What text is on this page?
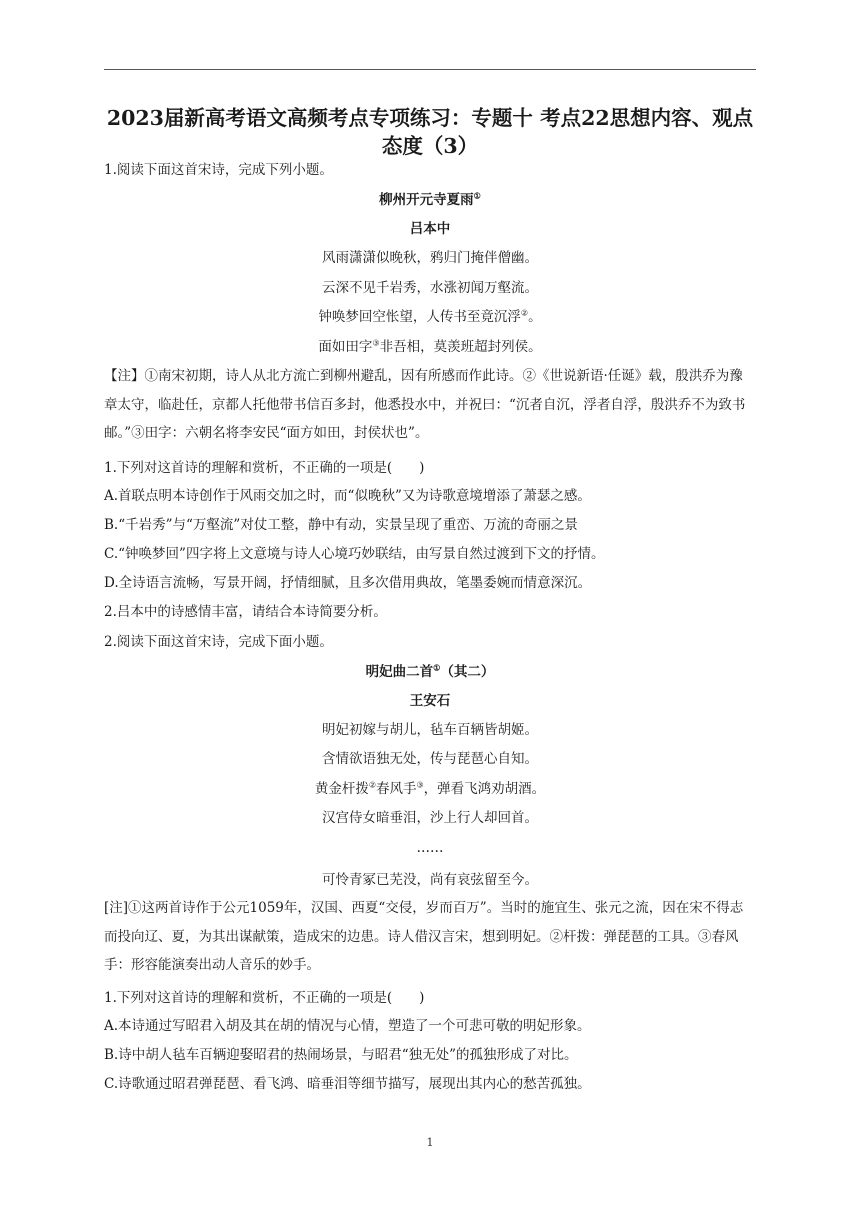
2023届新高考语文高频考点专项练习：专题十 考点22思想内容、观点态度（3）
1.阅读下面这首宋诗，完成下列小题。
柳州开元寺夏雨①
吕本中
风雨潇潇似晚秋，鸦归门掩伴僧幽。
云深不见千岩秀，水涨初闻万壑流。
钟唤梦回空怅望，人传书至竟沉浮②。
面如田字③非吾相，莫羡班超封列侯。
【注】①南宋初期，诗人从北方流亡到柳州避乱，因有所感而作此诗。②《世说新语·任诞》载，殷洪乔为豫章太守，临赴任，京都人托他带书信百多封，他悉投水中，并祝曰：“沉者自沉，浮者自浮，殷洪乔不为致书邮。”③田字：六朝名将李安民“面方如田，封侯状也”。
1.下列对这首诗的理解和赏析，不正确的一项是(　　)
A.首联点明本诗创作于风雨交加之时，而“似晚秋”又为诗歌意境增添了萧瑟之感。
B.“千岩秀”与“万壑流”对仗工整，静中有动，实景呈现了重峦、万流的奇丽之景
C.“钟唤梦回”四字将上文意境与诗人心境巧妙联结，由写景自然过渡到下文的抒情。
D.全诗语言流畅，写景开阔，抒情细腻，且多次借用典故，笔墨委婉而情意深沉。
2.吕本中的诗感情丰富，请结合本诗简要分析。
2.阅读下面这首宋诗，完成下面小题。
明妃曲二首①（其二）
王安石
明妃初嫁与胡儿，毡车百辆皆胡姬。
含情欲语独无处，传与琵琶心自知。
黄金杆拨②春风手③，弹看飞鸿劝胡酒。
汉宫侍女暗垂泪，沙上行人却回首。
……
可怜青冢已芜没，尚有哀弦留至今。
[注]①这两首诗作于公元1059年，汉国、西夏“交侵，岁而百万”。当时的施宜生、张元之流，因在宋不得志而投向辽、夏，为其出谋献策，造成宋的边患。诗人借汉言宋，想到明妃。②杆拨：弹琵琶的工具。③春风手：形容能演奏出动人音乐的妙手。
1.下列对这首诗的理解和赏析，不正确的一项是(　　)
A.本诗通过写昭君入胡及其在胡的情况与心情，塑造了一个可悲可敬的明妃形象。
B.诗中胡人毡车百辆迎娶昭君的热闹场景，与昭君“独无处”的孤独形成了对比。
C.诗歌通过昭君弹琵琶、看飞鸿、暗垂泪等细节描写，展现出其内心的愁苦孤独。
1
